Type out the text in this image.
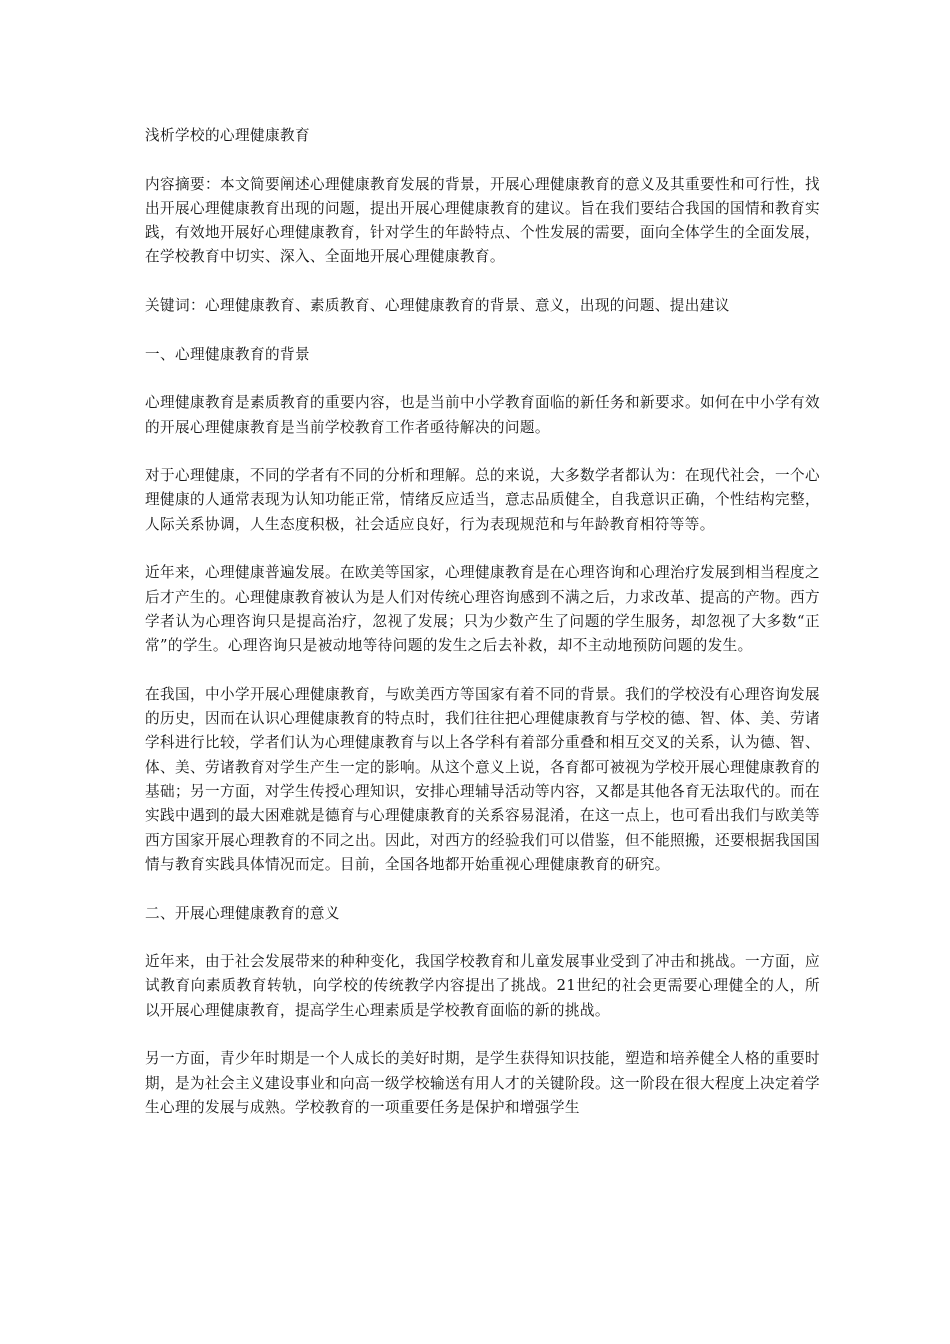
浅析学校的心理健康教育

内容摘要：本文简要阐述心理健康教育发展的背景，开展心理健康教育的意义及其重要性和可行性，找出开展心理健康教育出现的问题，提出开展心理健康教育的建议。旨在我们要结合我国的国情和教育实践，有效地开展好心理健康教育，针对学生的年龄特点、个性发展的需要，面向全体学生的全面发展，在学校教育中切实、深入、全面地开展心理健康教育。

关键词：心理健康教育、素质教育、心理健康教育的背景、意义，出现的问题、提出建议

一、心理健康教育的背景

心理健康教育是素质教育的重要内容，也是当前中小学教育面临的新任务和新要求。如何在中小学有效的开展心理健康教育是当前学校教育工作者亟待解决的问题。

对于心理健康，不同的学者有不同的分析和理解。总的来说，大多数学者都认为：在现代社会，一个心理健康的人通常表现为认知功能正常，情绪反应适当，意志品质健全，自我意识正确，个性结构完整，人际关系协调，人生态度积极，社会适应良好，行为表现规范和与年龄教育相符等等。

近年来，心理健康普遍发展。在欧美等国家，心理健康教育是在心理咨询和心理治疗发展到相当程度之后才产生的。心理健康教育被认为是人们对传统心理咨询感到不满之后，力求改革、提高的产物。西方学者认为心理咨询只是提高治疗，忽视了发展；只为少数产生了问题的学生服务，却忽视了大多数“正常”的学生。心理咨询只是被动地等待问题的发生之后去补救，却不主动地预防问题的发生。

在我国，中小学开展心理健康教育，与欧美西方等国家有着不同的背景。我们的学校没有心理咨询发展的历史，因而在认识心理健康教育的特点时，我们往往把心理健康教育与学校的德、智、体、美、劳诸学科进行比较，学者们认为心理健康教育与以上各学科有着部分重叠和相互交叉的关系，认为德、智、体、美、劳诸教育对学生产生一定的影响。从这个意义上说，各育都可被视为学校开展心理健康教育的基础；另一方面，对学生传授心理知识，安排心理辅导活动等内容，又都是其他各育无法取代的。而在实践中遇到的最大困难就是德育与心理健康教育的关系容易混淆，在这一点上，也可看出我们与欧美等西方国家开展心理教育的不同之出。因此，对西方的经验我们可以借鉴，但不能照搬，还要根据我国国情与教育实践具体情况而定。目前，全国各地都开始重视心理健康教育的研究。

二、开展心理健康教育的意义

近年来，由于社会发展带来的种种变化，我国学校教育和儿童发展事业受到了冲击和挑战。一方面，应试教育向素质教育转轨，向学校的传统教学内容提出了挑战。21世纪的社会更需要心理健全的人，所以开展心理健康教育，提高学生心理素质是学校教育面临的新的挑战。

另一方面，青少年时期是一个人成长的美好时期，是学生获得知识技能，塑造和培养健全人格的重要时期，是为社会主义建设事业和向高一级学校输送有用人才的关键阶段。这一阶段在很大程度上决定着学生心理的发展与成熟。学校教育的一项重要任务是保护和增强学生
